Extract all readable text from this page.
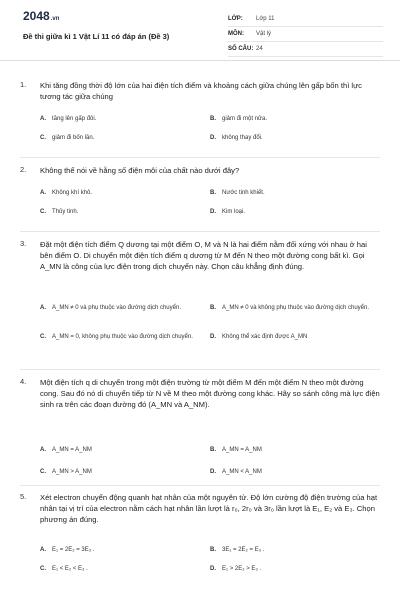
2048.vn
Đề thi giữa kì 1 Vật Lí 11 có đáp án (Đề 3)
LỚP:	Lớp 11
MÔN:	Vật lý
SỐ CÂU: 24
1. Khi tăng đồng thời độ lớn của hai điện tích điểm và khoảng cách giữa chúng lên gấp bốn thì lực tương tác giữa chúng
A.	tăng lên gấp đôi.	B.	giảm đi một nửa.
C.	giảm đi bốn lần.	D.	không thay đổi.
2. Không thể nói về hằng số điện môi của chất nào dưới đây?
A.	Không khí khô.	B.	Nước tinh khiết.
C.	Thủy tinh.	D.	Kim loại.
3. Đặt một điện tích điểm Q dương tại một điểm O, M và N là hai điểm nằm đối xứng với nhau ở hai bên điểm O. Di chuyển một điện tích điểm q dương từ M đến N theo một đường cong bất kì. Gọi A_MN là công của lực điện trong dịch chuyển này. Chọn câu khẳng định đúng.
A.	A_MN ≠ 0 và phụ thuộc vào đường dịch chuyển.	B.	A_MN ≠ 0 và không phụ thuộc vào đường dịch chuyển.
C.	A_MN = 0, không phụ thuộc vào đường dịch chuyển.	D.	Không thể xác định được A_MN
4. Một điện tích q di chuyển trong một điện trường từ một điểm M đến một điểm N theo một đường cong. Sau đó nó di chuyển tiếp từ N về M theo một đường cong khác. Hãy so sánh công mà lực điện sinh ra trên các đoạn đường đó (A_MN và A_NM).
A.	A_MN = A_NM	B.	A_MN = A_NM
C.	A_MN > A_NM	D.	A_MN < A_NM
5. Xét electron chuyển động quanh hạt nhân của một nguyên tử. Độ lớn cường độ điện trường của hạt nhân tại vị trí của electron nằm cách hạt nhân lần lượt là r₀, 2r₀ và 3r₀ lần lượt là E₁, E₂ và E₃. Chọn phương án đúng.
A.	E₁ = 2E₂ = 3E₃ .	B.	3E₁ = 2E₂ = E₃ .
C.	E₁ < E₂ < E₃ .	D.	E₁ > 2E₂ > E₃ .
